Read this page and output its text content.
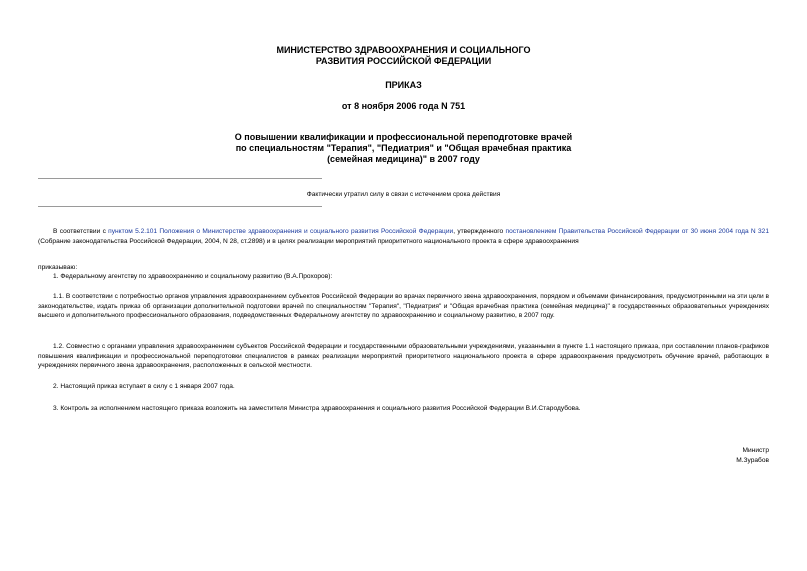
МИНИСТЕРСТВО ЗДРАВООХРАНЕНИЯ И СОЦИАЛЬНОГО
РАЗВИТИЯ РОССИЙСКОЙ ФЕДЕРАЦИИ
ПРИКАЗ
от 8 ноября 2006 года N 751
О повышении квалификации и профессиональной переподготовке врачей
по специальностям "Терапия", "Педиатрия" и "Общая врачебная практика
(семейная медицина)" в 2007 году
Фактически утратил силу в связи с истечением срока действия
В соответствии с пунктом 5.2.101 Положения о Министерстве здравоохранения и социального развития Российской Федерации, утвержденного постановлением Правительства Российской Федерации от 30 июня 2004 года N 321 (Собрание законодательства Российской Федерации, 2004, N 28, ст.2898) и в целях реализации мероприятий приоритетного национального проекта в сфере здравоохранения
приказываю:
1. Федеральному агентству по здравоохранению и социальному развитию (В.А.Прохоров):
1.1. В соответствии с потребностью органов управления здравоохранением субъектов Российской Федерации во врачах первичного звена здравоохранения, порядком и объемами финансирования, предусмотренными на эти цели в законодательстве, издать приказ об организации дополнительной подготовки врачей по специальностям "Терапия", "Педиатрия" и "Общая врачебная практика (семейная медицина)" в государственных образовательных учреждениях высшего и дополнительного профессионального образования, подведомственных Федеральному агентству по здравоохранению и социальному развитию, в 2007 году.
1.2. Совместно с органами управления здравоохранением субъектов Российской Федерации и государственными образовательными учреждениями, указанными в пункте 1.1 настоящего приказа, при составлении планов-графиков повышения квалификации и профессиональной переподготовки специалистов в рамках реализации мероприятий приоритетного национального проекта в сфере здравоохранения предусмотреть обучение врачей, работающих в учреждениях первичного звена здравоохранения, расположенных в сельской местности.
2. Настоящий приказ вступает в силу с 1 января 2007 года.
3. Контроль за исполнением настоящего приказа возложить на заместителя Министра здравоохранения и социального развития Российской Федерации В.И.Стародубова.
Министр
М.Зурабов
